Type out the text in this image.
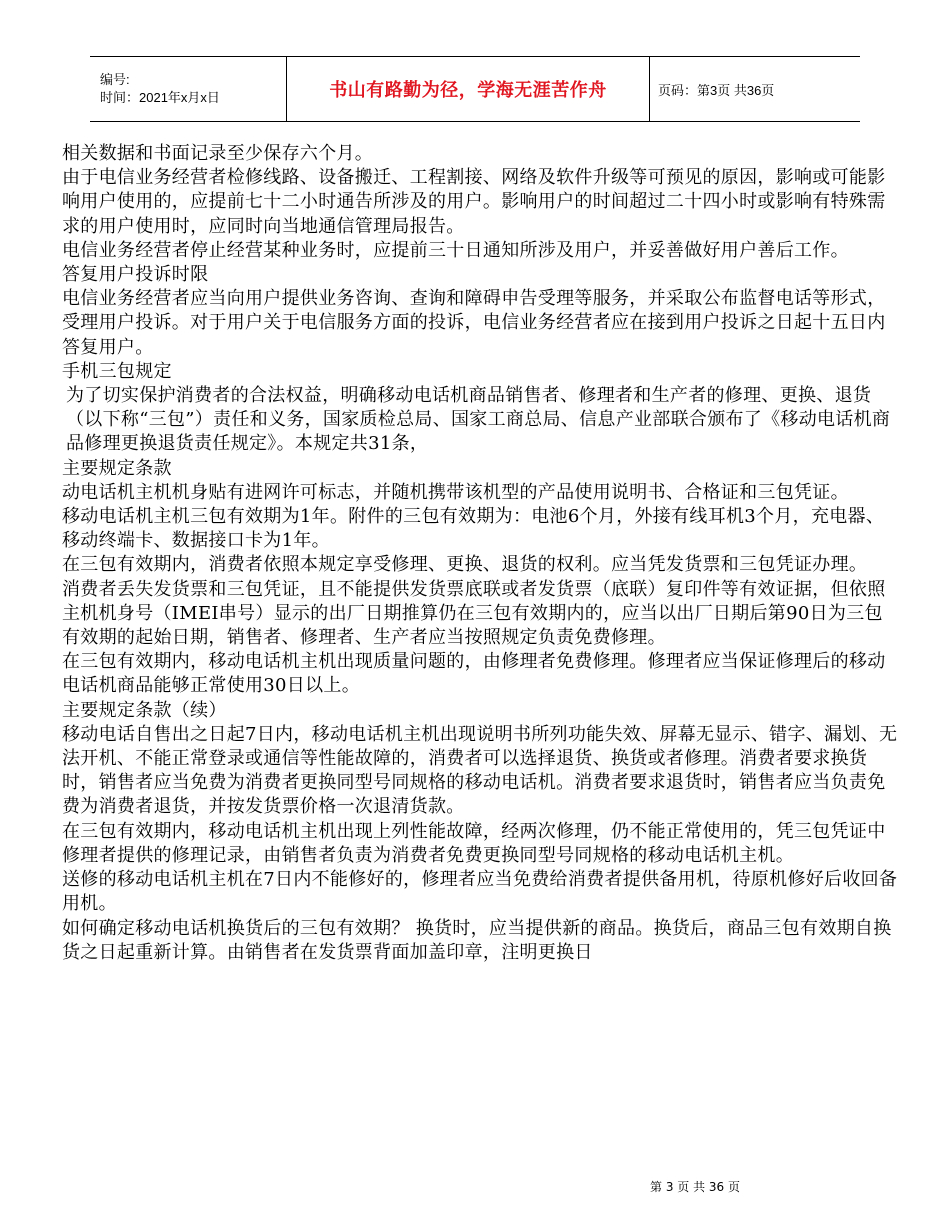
编号:
时间：2021年x月x日	书山有路勤为径，学海无涯苦作舟	页码：第3页 共36页

相关数据和书面记录至少保存六个月。

由于电信业务经营者检修线路、设备搬迁、工程割接、网络及软件升级等可预见的原因，影响或可能影响用户使用的，应提前七十二小时通告所涉及的用户。影响用户的时间超过二十四小时或影响有特殊需求的用户使用时，应同时向当地通信管理局报告。

电信业务经营者停止经营某种业务时，应提前三十日通知所涉及用户，并妥善做好用户善后工作。

答复用户投诉时限

电信业务经营者应当向用户提供业务咨询、查询和障碍申告受理等服务，并采取公布监督电话等形式，受理用户投诉。对于用户关于电信服务方面的投诉，电信业务经营者应在接到用户投诉之日起十五日内答复用户。

手机三包规定

为了切实保护消费者的合法权益，明确移动电话机商品销售者、修理者和生产者的修理、更换、退货（以下称“三包”）责任和义务，国家质检总局、国家工商总局、信息产业部联合颁布了《移动电话机商品修理更换退货责任规定》。本规定共31条，

主要规定条款

动电话机主机机身贴有进网许可标志，并随机携带该机型的产品使用说明书、合格证和三包凭证。

移动电话机主机三包有效期为1年。附件的三包有效期为：电池6个月，外接有线耳机3个月，充电器、移动终端卡、数据接口卡为1年。

在三包有效期内，消费者依照本规定享受修理、更换、退货的权利。应当凭发货票和三包凭证办理。

消费者丢失发货票和三包凭证，且不能提供发货票底联或者发货票（底联）复印件等有效证据，但依照主机机身号（IMEI串号）显示的出厂日期推算仍在三包有效期内的，应当以出厂日期后第90日为三包有效期的起始日期，销售者、修理者、生产者应当按照规定负责免费修理。

在三包有效期内，移动电话机主机出现质量问题的，由修理者免费修理。修理者应当保证修理后的移动电话机商品能够正常使用30日以上。

主要规定条款（续）

移动电话自售出之日起7日内，移动电话机主机出现说明书所列功能失效、屏幕无显示、错字、漏划、无法开机、不能正常登录或通信等性能故障的，消费者可以选择退货、换货或者修理。消费者要求换货时，销售者应当免费为消费者更换同型号同规格的移动电话机。消费者要求退货时，销售者应当负责免费为消费者退货，并按发货票价格一次退清货款。

在三包有效期内，移动电话机主机出现上列性能故障，经两次修理，仍不能正常使用的，凭三包凭证中修理者提供的修理记录，由销售者负责为消费者免费更换同型号同规格的移动电话机主机。

送修的移动电话机主机在7日内不能修好的，修理者应当免费给消费者提供备用机，待原机修好后收回备用机。

如何确定移动电话机换货后的三包有效期？ 换货时，应当提供新的商品。换货后，商品三包有效期自换货之日起重新计算。由销售者在发货票背面加盖印章，注明更换日

第 3 页 共 36 页
